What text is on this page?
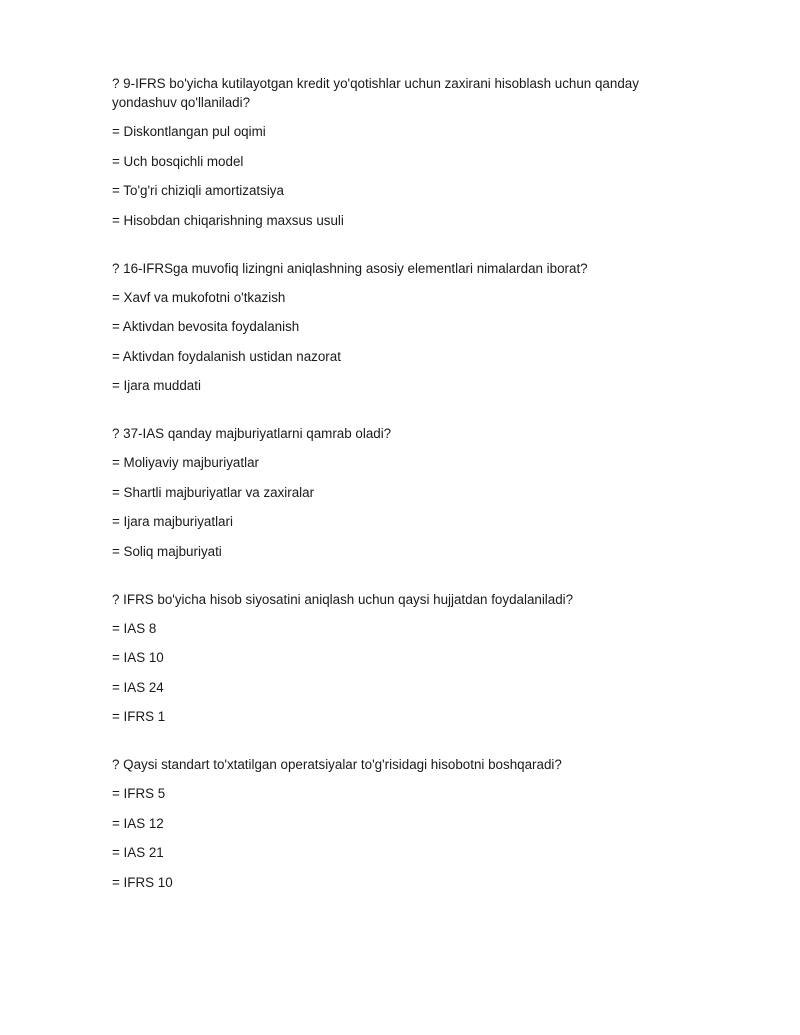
? 9-IFRS bo'yicha kutilayotgan kredit yo'qotishlar uchun zaxirani hisoblash uchun qanday yondashuv qo'llaniladi?
= Diskontlangan pul oqimi
= Uch bosqichli model
= To'g'ri chiziqli amortizatsiya
= Hisobdan chiqarishning maxsus usuli
? 16-IFRSga muvofiq lizingni aniqlashning asosiy elementlari nimalardan iborat?
= Xavf va mukofotni o'tkazish
= Aktivdan bevosita foydalanish
= Aktivdan foydalanish ustidan nazorat
= Ijara muddati
? 37-IAS qanday majburiyatlarni qamrab oladi?
= Moliyaviy majburiyatlar
= Shartli majburiyatlar va zaxiralar
= Ijara majburiyatlari
= Soliq majburiyati
? IFRS bo'yicha hisob siyosatini aniqlash uchun qaysi hujjatdan foydalaniladi?
= IAS 8
= IAS 10
= IAS 24
= IFRS 1
? Qaysi standart to'xtatilgan operatsiyalar to'g'risidagi hisobotni boshqaradi?
= IFRS 5
= IAS 12
= IAS 21
= IFRS 10
